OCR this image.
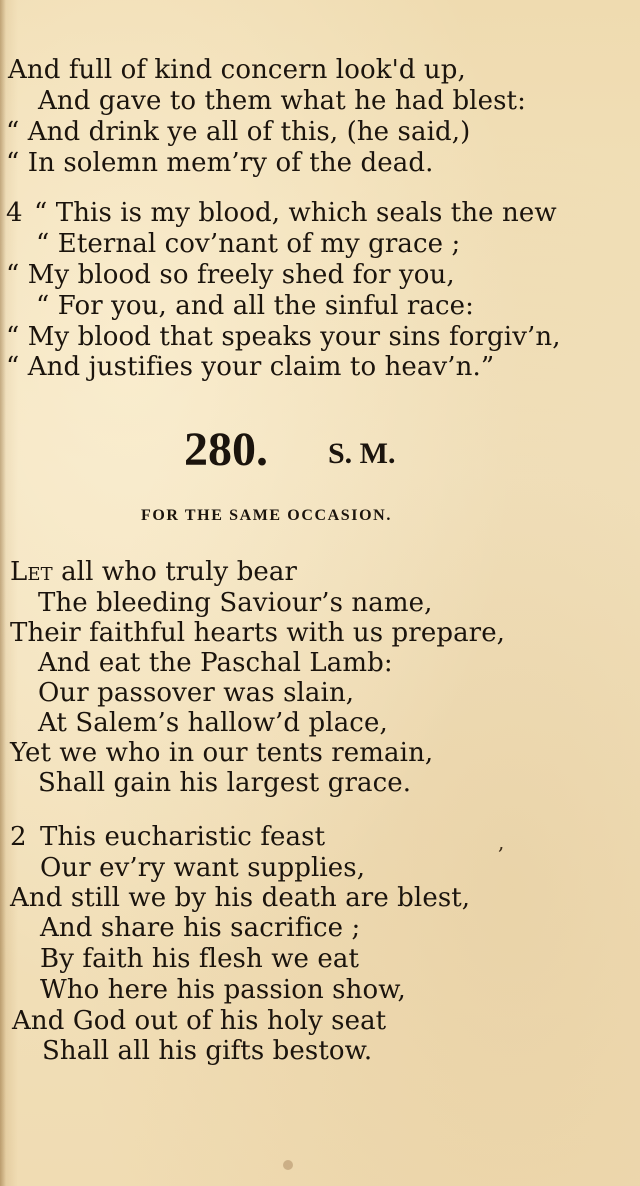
And full of kind concern look'd up,
And gave to them what he had blest:
“ And drink ye all of this, (he said,)
“ In solemn mem’ry of the dead.
4 “ This is my blood, which seals the new
“ Eternal cov’nant of my grace ;
“ My blood so freely shed for you,
“ For you, and all the sinful race:
“ My blood that speaks your sins forgiv’n,
“ And justifies your claim to heav’n.”
280. S. M.
FOR THE SAME OCCASION.
Let all who truly bear
The bleeding Saviour’s name,
Their faithful hearts with us prepare,
And eat the Paschal Lamb:
Our passover was slain,
At Salem’s hallow’d place,
Yet we who in our tents remain,
Shall gain his largest grace.
2 This eucharistic feast	,
Our ev’ry want supplies,
And still we by his death are blest,
And share his sacrifice ;
By faith his flesh we eat
Who here his passion show,
And God out of his holy seat
Shall all his gifts bestow.
